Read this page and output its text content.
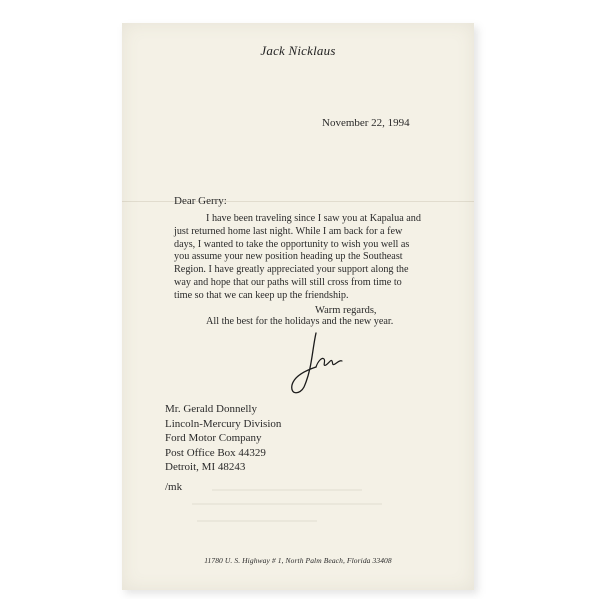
Jack Nicklaus
November 22, 1994
Dear Gerry:

I have been traveling since I saw you at Kapalua and just returned home last night. While I am back for a few days, I wanted to take the opportunity to wish you well as you assume your new position heading up the Southeast Region. I have greatly appreciated your support along the way and hope that our paths will still cross from time to time so that we can keep up the friendship.

All the best for the holidays and the new year.

Warm regards,
Mr. Gerald Donnelly
Lincoln-Mercury Division
Ford Motor Company
Post Office Box 44329
Detroit, MI 48243
/mk
11780 U. S. Highway # 1, North Palm Beach, Florida 33408
